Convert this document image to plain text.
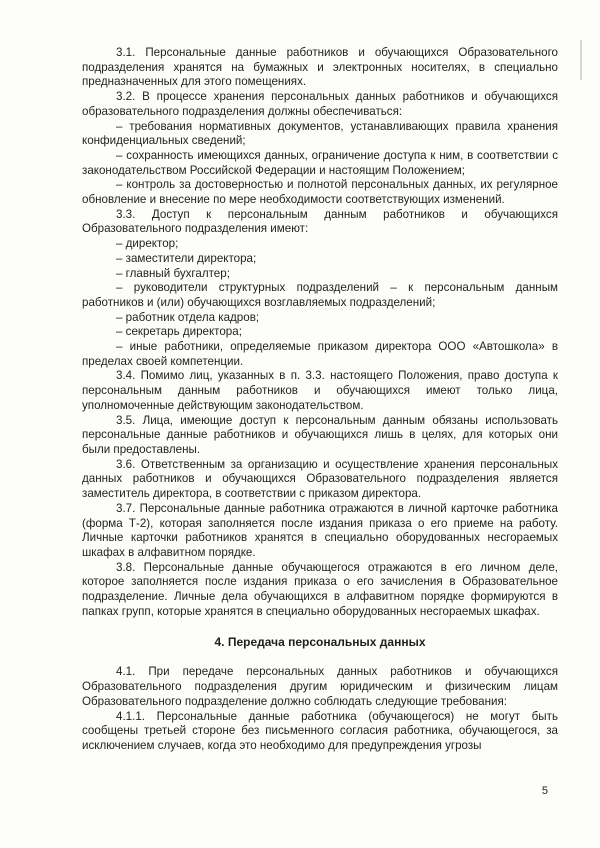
3.1. Персональные данные работников и обучающихся Образовательного подразделения хранятся на бумажных и электронных носителях, в специально предназначенных для этого помещениях.

3.2. В процессе хранения персональных данных работников и обучающихся образовательного подразделения должны обеспечиваться:

– требования нормативных документов, устанавливающих правила хранения конфиденциальных сведений;

– сохранность имеющихся данных, ограничение доступа к ним, в соответствии с законодательством Российской Федерации и настоящим Положением;

– контроль за достоверностью и полнотой персональных данных, их регулярное обновление и внесение по мере необходимости соответствующих изменений.

3.3. Доступ к персональным данным работников и обучающихся Образовательного подразделения имеют:

– директор;

– заместители директора;

– главный бухгалтер;

– руководители структурных подразделений – к персональным данным работников и (или) обучающихся возглавляемых подразделений;

– работник отдела кадров;

– секретарь директора;

– иные работники, определяемые приказом директора ООО «Автошкола» в пределах своей компетенции.

3.4. Помимо лиц, указанных в п. 3.3. настоящего Положения, право доступа к персональным данным работников и обучающихся имеют только лица, уполномоченные действующим законодательством.

3.5. Лица, имеющие доступ к персональным данным обязаны использовать персональные данные работников и обучающихся лишь в целях, для которых они были предоставлены.

3.6. Ответственным за организацию и осуществление хранения персональных данных работников и обучающихся Образовательного подразделения является заместитель директора, в соответствии с приказом директора.

3.7. Персональные данные работника отражаются в личной карточке работника (форма Т-2), которая заполняется после издания приказа о его приеме на работу. Личные карточки работников хранятся в специально оборудованных несгораемых шкафах в алфавитном порядке.

3.8. Персональные данные обучающегося отражаются в его личном деле, которое заполняется после издания приказа о его зачисления в Образовательное подразделение. Личные дела обучающихся в алфавитном порядке формируются в папках групп, которые хранятся в специально оборудованных несгораемых шкафах.

4. Передача персональных данных

4.1. При передаче персональных данных работников и обучающихся Образовательного подразделения другим юридическим и физическим лицам Образовательного подразделение должно соблюдать следующие требования:

4.1.1. Персональные данные работника (обучающегося) не могут быть сообщены третьей стороне без письменного согласия работника, обучающегося, за исключением случаев, когда это необходимо для предупреждения угрозы

5
